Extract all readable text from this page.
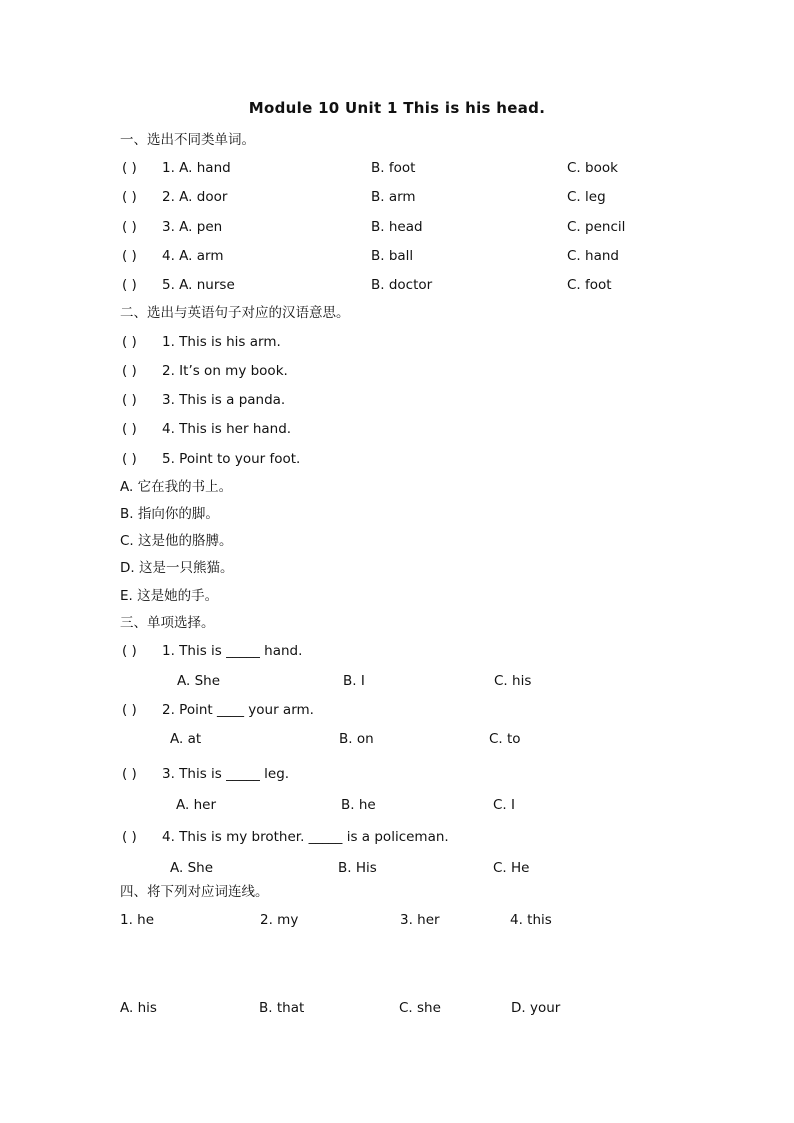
Module 10 Unit 1 This is his head.
一、选出不同类单词。
( ) 1. A. hand	B. foot	C. book
( ) 2. A. door	B. arm	C. leg
( ) 3. A. pen	B. head	C. pencil
( ) 4. A. arm	B. ball	C. hand
( ) 5. A. nurse	B. doctor	C. foot
二、选出与英语句子对应的汉语意思。
( ) 1. This is his arm.
( ) 2. It’s on my book.
( ) 3. This is a panda.
( ) 4. This is her hand.
( ) 5. Point to your foot.
A. 它在我的书上。
B. 指向你的脚。
C. 这是他的胳膊。
D. 这是一只熊猫。
E. 这是她的手。
三、单项选择。
( ) 1. This is _____ hand.
A. She	B. I	C. his
( ) 2. Point ____ your arm.
A. at	B. on	C. to
( ) 3. This is _____ leg.
A. her	B. he	C. I
( ) 4. This is my brother. _____ is a policeman.
A. She	B. His	C. He
四、将下列对应词连线。
1. he	2. my	3. her	4. this
A. his	B. that	C. she	D. your
